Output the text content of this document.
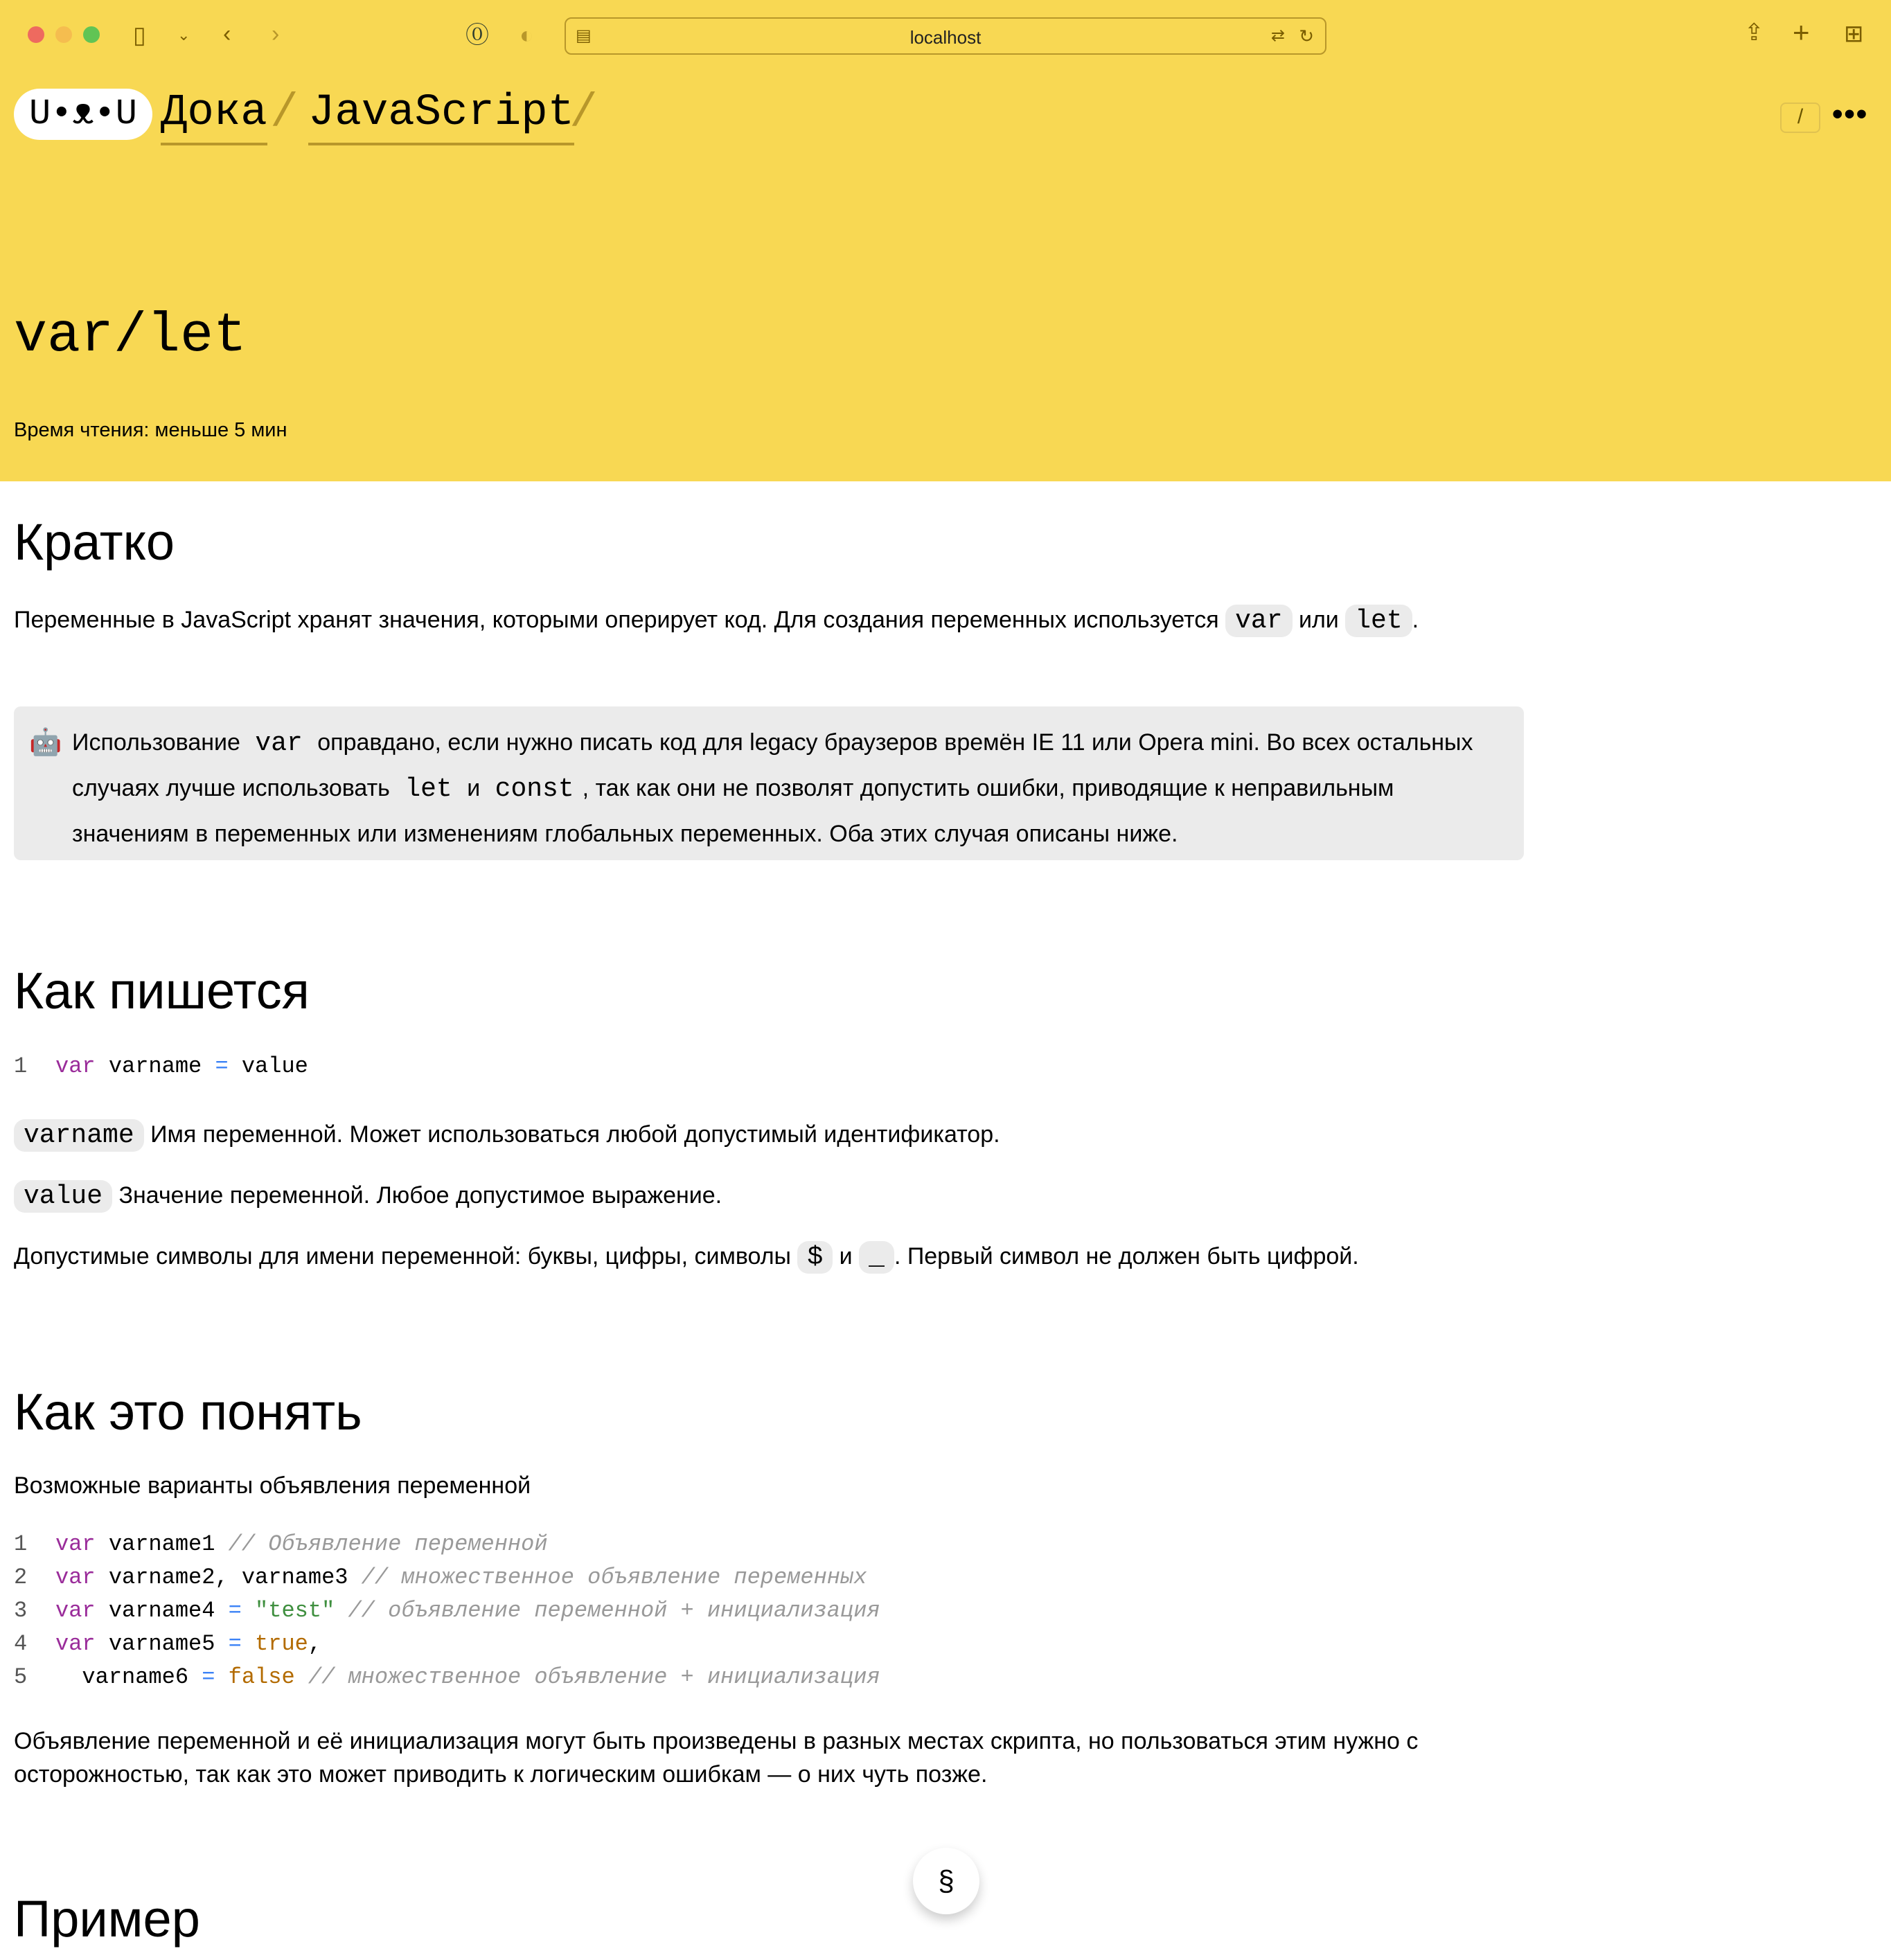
▯ ⌄ ‹ ›	⓪ ◐	▤	localhost	⇄ ↻	⇪ + ⊞
U•ᴥ•U Дока / JavaScript
/	/ •••
var/let
Время чтения: меньше 5 мин
Кратко

Переменные в JavaScript хранят значения, которыми оперирует код. Для создания переменных используется var или let .

🤖 Использование var оправдано, если нужно писать код для legacy браузеров времён IE 11 или Opera mini. Во всех остальных случаях лучше использовать let и const , так как они не позволят допустить ошибки, приводящие к неправильным значениям в переменных или изменениям глобальных переменных. Оба этих случая описаны ниже.
Как пишется
1 var varname = value

varname Имя переменной. Может использоваться любой допустимый идентификатор.

value Значение переменной. Любое допустимое выражение.

Допустимые символы для имени переменной: буквы, цифры, символы $ и _ . Первый символ не должен быть цифрой.

Как это понять

Возможные варианты объявления переменной

1 var varname1 // Объявление переменной
2 var varname2, varname3 // множественное объявление переменных
3 var varname4 = "test" // объявление переменной + инициализация
4 var varname5 = true,
5  varname6 = false // множественное объявление + инициализация

Объявление переменной и её инициализация могут быть произведены в разных местах скрипта, но пользоваться этим нужно с осторожностью, так как это может приводить к логическим ошибкам — о них чуть позже.

Пример
§
